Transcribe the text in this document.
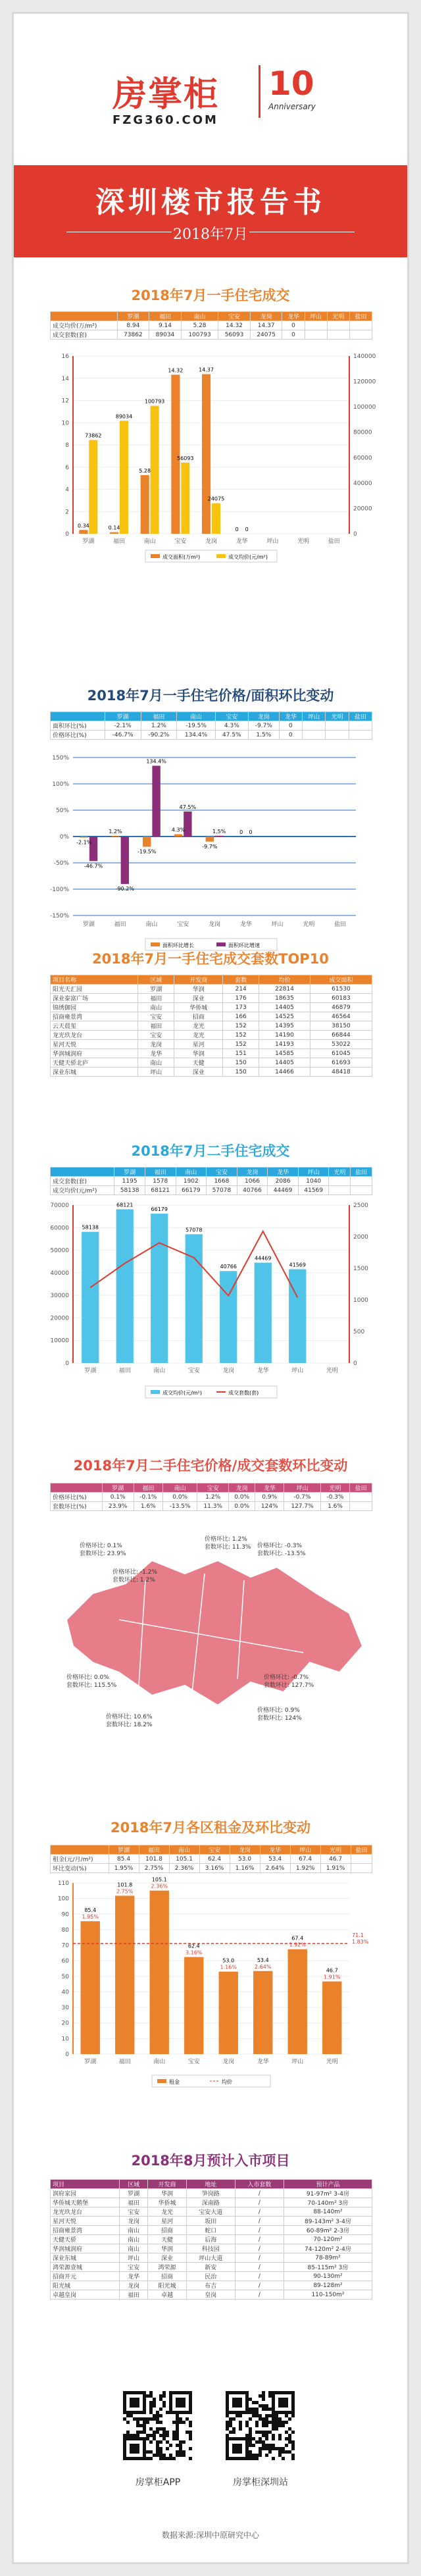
房掌柜
FZG360.COM
10
Anniversary
深圳楼市报告书
2018年7月
2018年7月一手住宅成交
	罗湖	福田	南山	宝安	龙岗	龙华	坪山	光明	盐田
成交均价(万/m²)	8.94	9.14	5.28	14.32	14.37	0			
成交套数(套)	73862	89034	100793	56093	24075	0			
0
2
4
6
8
10
12
14
16
0
20000
40000
60000
80000
100000
120000
140000
罗湖
0.34
73862
福田
0.14
89034
南山
5.28
100793
宝安
14.32
56093
龙岗
14.37
24075
龙华
0 0
坪山	光明	盐田
成交面积(万m²)	成交均价(元/m²)
2018年7月一手住宅价格/面积环比变动
	罗湖	福田	南山	宝安	龙岗	龙华	坪山	光明	盐田
面积环比(%)	-2.1%	1.2%	-19.5%	4.3%	-9.7%	0			
价格环比(%)	-46.7%	-90.2%	134.4%	47.5%	1.5%	0			
-150%
-100%
-50%
0%
50%
100%
150%
罗湖
-2.1%
-46.7%
福田
1.2%
-90.2%
南山
-19.5%
134.4%
宝安
4.3%
47.5%
龙岗
-9.7%
1.5%
龙华
0 0
坪山	光明	盐田
面积环比增长	面积环比增速
2018年7月一手住宅成交套数TOP10
项目名称	区域	开发商	套数	均价	成交面积
阳光天汇园	罗湖	华润	214	22814	61530
深业泰富广场	福田	深业	176	18635	60183
锦绣御园	南山	华侨城	173	14405	46879
招商雍景湾	宝安	招商	166	14525	46564
云天晨玺	福田	龙光	152	14395	38150
龙光玖龙台	宝安	龙光	152	14190	66844
星河天悦	龙岗	星河	152	14193	53022
华润城润府	龙华	华润	151	14585	61045
天健天骄北庐	南山	天健	150	14405	61693
深业东城	坪山	深业	150	14466	48418
2018年7月二手住宅成交
	罗湖	福田	南山	宝安	龙岗	龙华	坪山	光明	盐田
成交套数(套)	1195	1578	1902	1668	1066	2086	1040		
成交均价(元/m²)	58138	68121	66179	57078	40766	44469	41569		
0
10000
20000
30000
40000
50000
60000
70000
0
500
1000
1500
2000
2500
罗湖
58138
福田
68121
南山
66179
宝安
57078
龙岗
40766
龙华
44469
坪山
41569
光明
成交均价(元/m²)	成交套数(套)
2018年7月二手住宅价格/成交套数环比变动
	罗湖	福田	南山	宝安	龙岗	龙华	坪山	光明	盐田
价格环比(%)	0.1%	-0.1%	0.0%	1.2%	0.0%	0.9%	-0.7%	-0.3%	
套数环比(%)	23.9%	1.6%	-13.5%	11.3%	0.0%	124%	127.7%	1.6%	
价格环比: 0.1%
套数环比: 23.9%
价格环比: 0.0%
套数环比: 115.5%
价格环比: -1.2%
套数环比: 1.2%
价格环比: 10.6%
套数环比: 18.2%
价格环比: 1.2%
套数环比: 11.3% 价格环比: -0.3%
套数环比: -13.5%
价格环比: -0.7%
套数环比: 127.7%
价格环比: 0.9%
套数环比: 124%
2018年7月各区租金及环比变动
	罗湖	福田	南山	宝安	龙岗	龙华	坪山	光明	盐田
租金(元/月/m²)	85.4	101.8	105.1	62.4	53.0	53.4	67.4	46.7	
环比变动(%)	1.95%	2.75%	2.36%	3.16%	1.16%	2.64%	1.92%	1.91%	
0
10
20
30
40
50
60
70
80
90
100
110
85.4
1.95%
罗湖
101.8
2.75%
福田
105.1
2.36%
南山
62.4
3.16%
宝安
53.0
1.16%
龙岗
53.4
2.64%
龙华
67.4
1.92%
坪山
46.7
1.91%
光明
71.1
1.83%
租金	均价
2018年8月预计入市项目
项目	区域	开发商	地址	入市套数	预计产品
润府家园	罗湖	华润	笋岗路	/	91-97m² 3-4房
华侨城天鹅堡	福田	华侨城	深南路	/	70-140m² 3房
龙光玖龙台	宝安	龙光	宝安大道	/	88-140m²
星河天悦	龙岗	星河	坂田	/	89-143m² 3-4房
招商雍景湾	南山	招商	蛇口	/	60-89m² 2-3房
天健天骄	南山	天健	后海	/	70-120m²
华润城润府	南山	华润	科技园	/	74-120m² 2-4房
深业东城	坪山	深业	坪山大道	/	78-89m²
鸿荣源壹城	宝安	鸿荣源	新安	/	85-115m² 3房
招商开元	龙华	招商	民治	/	90-130m²
阳光城	龙岗	阳光城	布吉	/	89-128m²
卓越皇岗	福田	卓越	皇岗	/	110-150m²
房掌柜APP	房掌柜深圳站
数据来源:深圳中原研究中心
